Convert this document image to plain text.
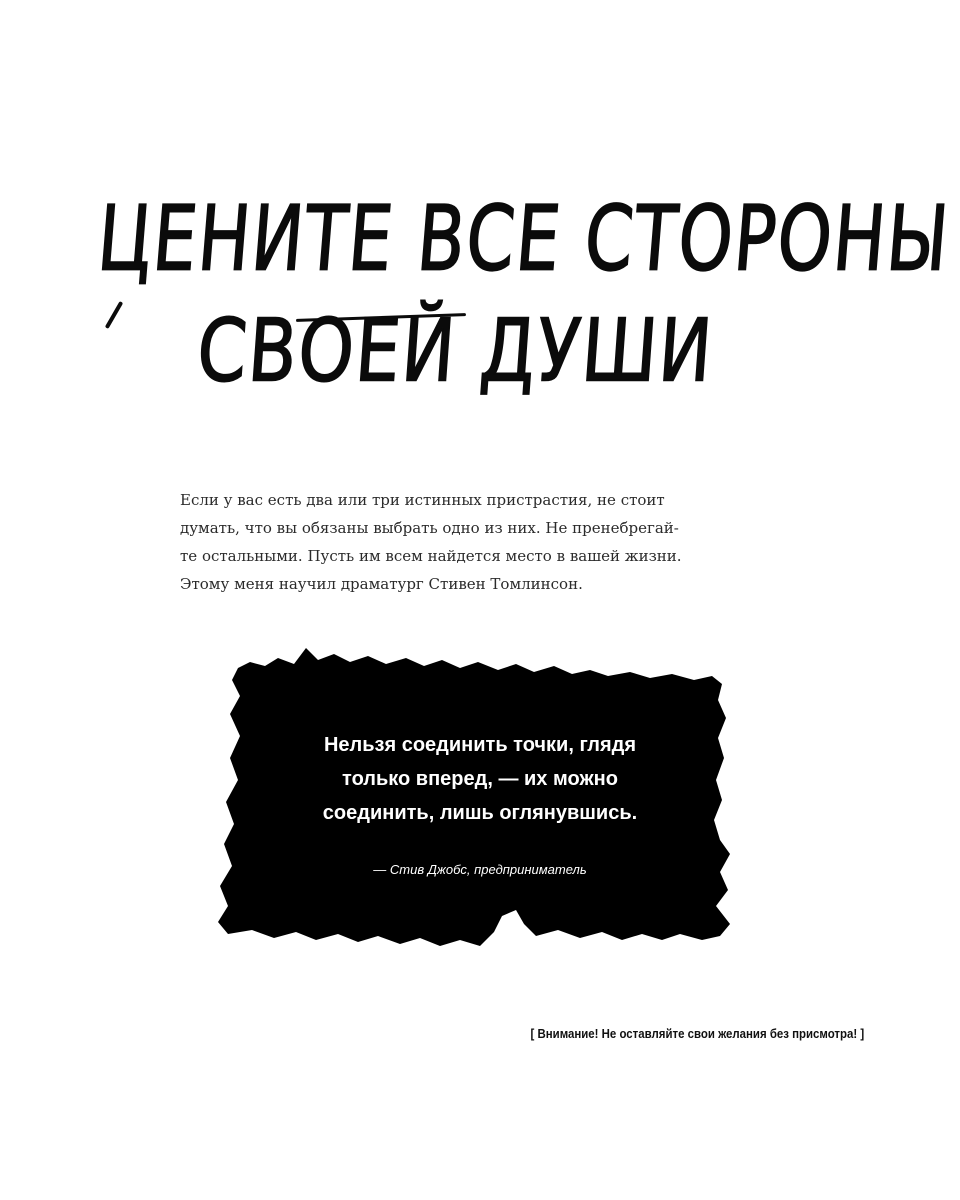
ЦЕНИТЕ ВСЕ СТОРОНЫ
СВОЕЙ ДУШИ
Если у вас есть два или три истинных пристрастия, не стоит
думать, что вы обязаны выбрать одно из них. Не пренебрегай-
те остальными. Пусть им всем найдется место в вашей жизни.
Этому меня научил драматург Стивен Томлинсон.
Нельзя соединить точки, глядя
только вперед, — их можно
соединить, лишь оглянувшись.
— Стив Джобс, предприниматель
[ Внимание! Не оставляйте свои желания без присмотра! ]
